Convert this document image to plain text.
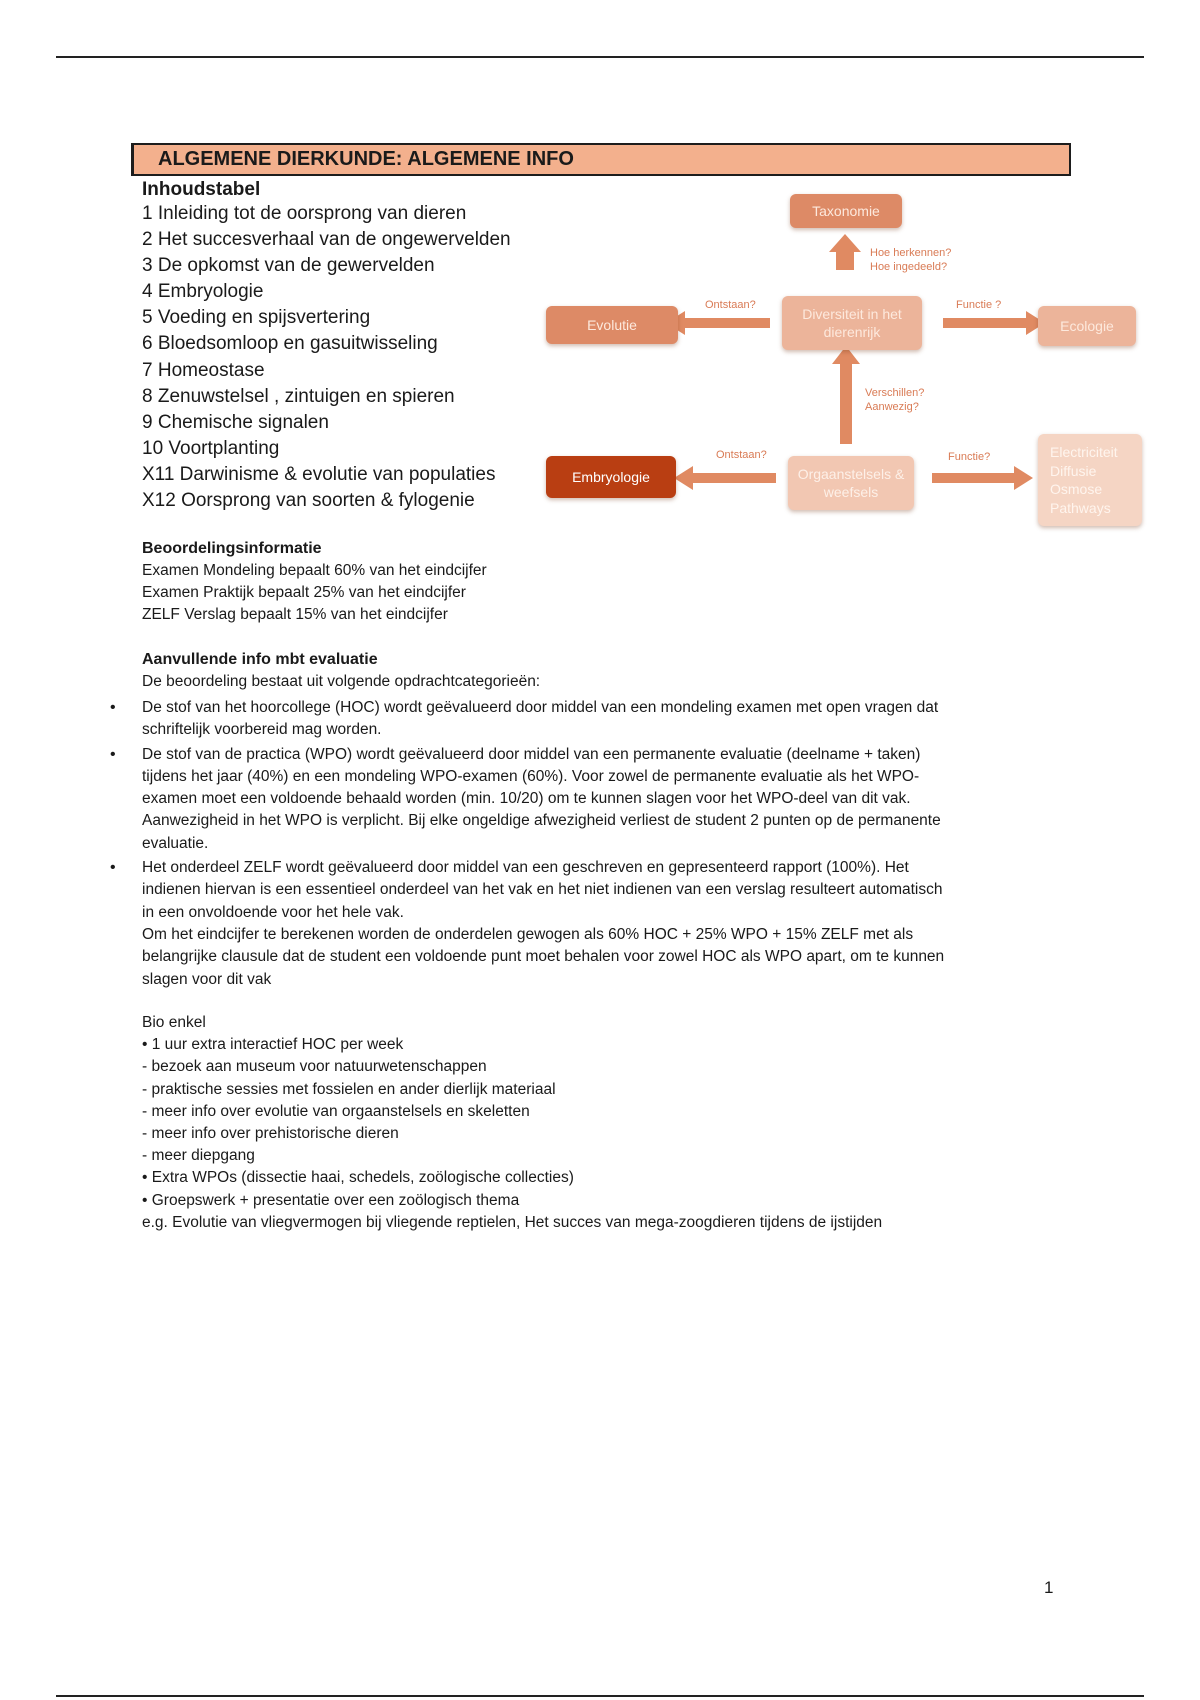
ALGEMENE DIERKUNDE: ALGEMENE INFO
Inhoudstabel
1 Inleiding tot de oorsprong van dieren
2 Het succesverhaal van de ongewervelden
3 De opkomst van de gewervelden
4 Embryologie
5 Voeding en spijsvertering
6 Bloedsomloop en gasuitwisseling
7 Homeostase
8 Zenuwstelsel , zintuigen en spieren
9 Chemische signalen
10 Voortplanting
X11 Darwinisme & evolutie van populaties
X12 Oorsprong van soorten & fylogenie
Taxonomie
Evolutie
Diversiteit in het dierenrijk	Ecologie
Embryologie	Orgaanstelsels & weefsels
Electriciteit
Diffusie
Osmose
Pathways
Hoe herkennen?
Hoe ingedeeld?
Ontstaan?	Functie ?
Verschillen?
Aanwezig?
Ontstaan?	Functie?
Beoordelingsinformatie
Examen Mondeling bepaalt 60% van het eindcijfer
Examen Praktijk bepaalt 25% van het eindcijfer
ZELF Verslag bepaalt 15% van het eindcijfer
Aanvullende info mbt evaluatie
De beoordeling bestaat uit volgende opdrachtcategorieën:
• De stof van het hoorcollege (HOC) wordt geëvalueerd door middel van een mondeling examen met open vragen dat
schriftelijk voorbereid mag worden.
• De stof van de practica (WPO) wordt geëvalueerd door middel van een permanente evaluatie (deelname + taken)
tijdens het jaar (40%) en een mondeling WPO-examen (60%). Voor zowel de permanente evaluatie als het WPO-
examen moet een voldoende behaald worden (min. 10/20) om te kunnen slagen voor het WPO-deel van dit vak.
Aanwezigheid in het WPO is verplicht. Bij elke ongeldige afwezigheid verliest de student 2 punten op de permanente
evaluatie.
• Het onderdeel ZELF wordt geëvalueerd door middel van een geschreven en gepresenteerd rapport (100%). Het
indienen hiervan is een essentieel onderdeel van het vak en het niet indienen van een verslag resulteert automatisch
in een onvoldoende voor het hele vak.
Om het eindcijfer te berekenen worden de onderdelen gewogen als 60% HOC + 25% WPO + 15% ZELF met als
belangrijke clausule dat de student een voldoende punt moet behalen voor zowel HOC als WPO apart, om te kunnen
slagen voor dit vak
Bio enkel
• 1 uur extra interactief HOC per week
- bezoek aan museum voor natuurwetenschappen
- praktische sessies met fossielen en ander dierlijk materiaal
- meer info over evolutie van orgaanstelsels en skeletten
- meer info over prehistorische dieren
- meer diepgang
• Extra WPOs (dissectie haai, schedels, zoölogische collecties)
• Groepswerk + presentatie over een zoölogisch thema
e.g. Evolutie van vliegvermogen bij vliegende reptielen, Het succes van mega-zoogdieren tijdens de ijstijden
1
